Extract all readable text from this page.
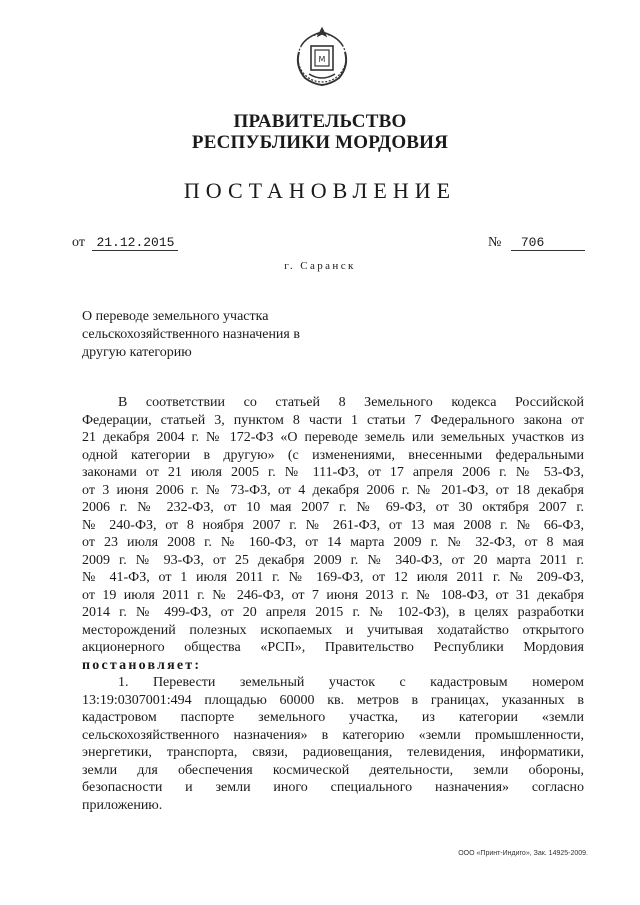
M
ПРАВИТЕЛЬСТВО
РЕСПУБЛИКИ МОРДОВИЯ
ПОСТАНОВЛЕНИЕ
от 21.12.2015	№ 706
г. Саранск
О переводе земельного участка
сельскохозяйственного назначения в
другую категорию
В соответствии со статьей 8 Земельного кодекса Российской
Федерации, статьей 3, пунктом 8 части 1 статьи 7 Федерального закона от
21 декабря 2004 г. № 172-ФЗ «О переводе земель или земельных участков из
одной категории в другую» (с изменениями, внесенными федеральными
законами от 21 июля 2005 г. № 111-ФЗ, от 17 апреля 2006 г. № 53-ФЗ,
от 3 июня 2006 г. № 73-ФЗ, от 4 декабря 2006 г. № 201-ФЗ, от 18 декабря
2006 г. № 232-ФЗ, от 10 мая 2007 г. № 69-ФЗ, от 30 октября 2007 г.
№ 240-ФЗ, от 8 ноября 2007 г. № 261-ФЗ, от 13 мая 2008 г. № 66-ФЗ,
от 23 июля 2008 г. № 160-ФЗ, от 14 марта 2009 г. № 32-ФЗ, от 8 мая
2009 г. № 93-ФЗ, от 25 декабря 2009 г. № 340-ФЗ, от 20 марта 2011 г.
№ 41-ФЗ, от 1 июля 2011 г. № 169-ФЗ, от 12 июля 2011 г. № 209-ФЗ,
от 19 июля 2011 г. № 246-ФЗ, от 7 июня 2013 г. № 108-ФЗ, от 31 декабря
2014 г. № 499-ФЗ, от 20 апреля 2015 г. № 102-ФЗ), в целях разработки
месторождений полезных ископаемых и учитывая ходатайство открытого
акционерного общества «РСП», Правительство Республики Мордовия
постановляет:
1. Перевести земельный участок с кадастровым номером
13:19:0307001:494 площадью 60000 кв. метров в границах, указанных в
кадастровом паспорте земельного участка, из категории «земли
сельскохозяйственного назначения» в категорию «земли промышленности,
энергетики, транспорта, связи, радиовещания, телевидения, информатики,
земли для обеспечения космической деятельности, земли обороны,
безопасности и земли иного специального назначения» согласно
приложению.
ООО «Принт-Индиго», Зак. 14925-2009.
